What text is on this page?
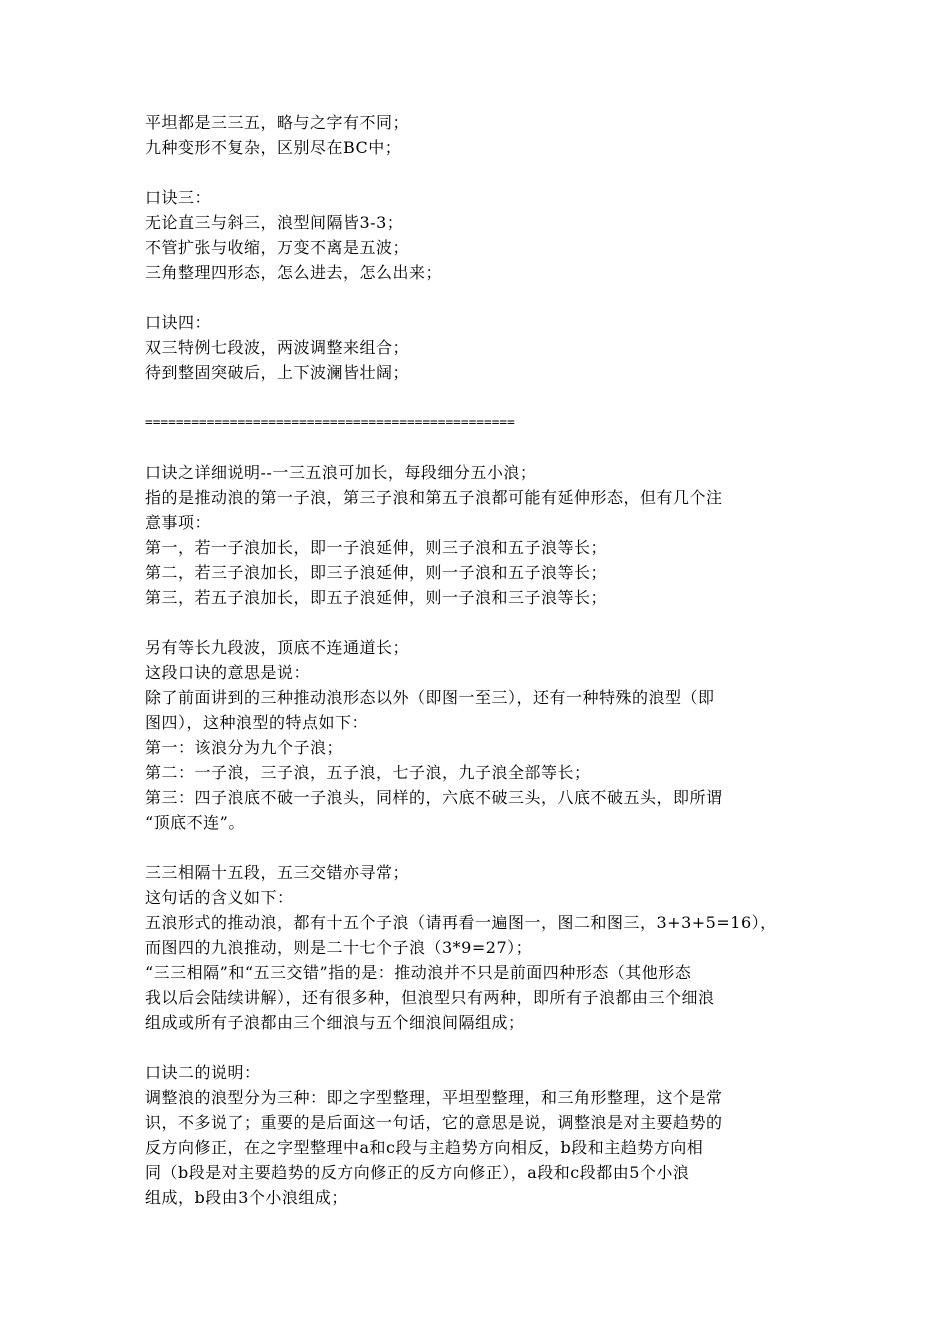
平坦都是三三五，略与之字有不同；
九种变形不复杂，区别尽在BC中；
口诀三：
无论直三与斜三，浪型间隔皆3-3；
不管扩张与收缩，万变不离是五波；
三角整理四形态，怎么进去，怎么出来；
口诀四：
双三特例七段波，两波调整来组合；
待到整固突破后，上下波澜皆壮阔；
================================================
口诀之详细说明--一三五浪可加长，每段细分五小浪；
指的是推动浪的第一子浪，第三子浪和第五子浪都可能有延伸形态，但有几个注
意事项：
第一，若一子浪加长，即一子浪延伸，则三子浪和五子浪等长；
第二，若三子浪加长，即三子浪延伸，则一子浪和五子浪等长；
第三，若五子浪加长，即五子浪延伸，则一子浪和三子浪等长；
另有等长九段波，顶底不连通道长；
这段口诀的意思是说：
除了前面讲到的三种推动浪形态以外（即图一至三），还有一种特殊的浪型（即
图四），这种浪型的特点如下：
第一：该浪分为九个子浪；
第二：一子浪，三子浪，五子浪，七子浪，九子浪全部等长；
第三：四子浪底不破一子浪头，同样的，六底不破三头，八底不破五头，即所谓
“顶底不连”。
三三相隔十五段，五三交错亦寻常；
这句话的含义如下：
五浪形式的推动浪，都有十五个子浪（请再看一遍图一，图二和图三，3+3+5=16），
而图四的九浪推动，则是二十七个子浪（3*9=27）；
“三三相隔”和“五三交错”指的是：推动浪并不只是前面四种形态（其他形态
我以后会陆续讲解），还有很多种，但浪型只有两种，即所有子浪都由三个细浪
组成或所有子浪都由三个细浪与五个细浪间隔组成；
口诀二的说明：
调整浪的浪型分为三种：即之字型整理，平坦型整理，和三角形整理，这个是常
识，不多说了；重要的是后面这一句话，它的意思是说，调整浪是对主要趋势的
反方向修正，在之字型整理中a和c段与主趋势方向相反，b段和主趋势方向相
同（b段是对主要趋势的反方向修正的反方向修正），a段和c段都由5个小浪
组成，b段由3个小浪组成；
